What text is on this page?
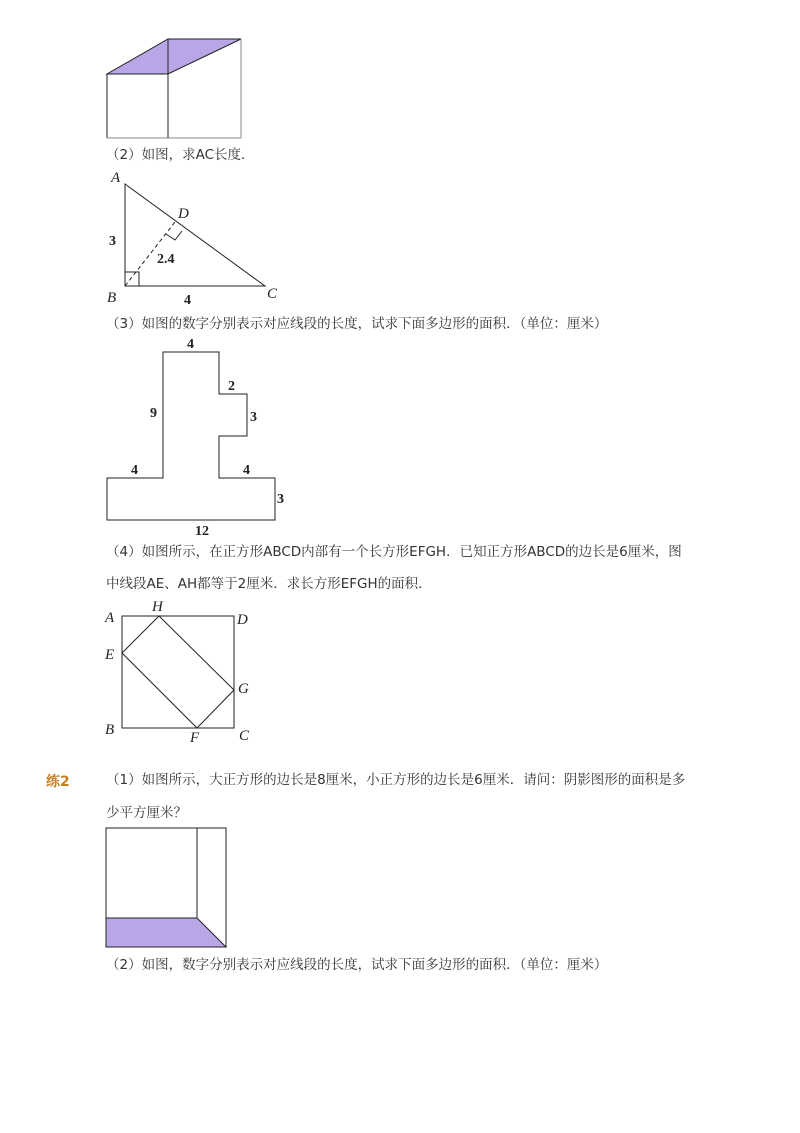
（2）如图，求AC长度．
A
B	C
D
3
4
2.4
（3）如图的数字分别表示对应线段的长度，试求下面多边形的面积．（单位：厘米）
4
2
3
9
4	4
3
12
（4）如图所示，在正方形ABCD内部有一个长方形EFGH．已知正方形ABCD的边长是6厘米，图
中线段AE、AH都等于2厘米．求长方形EFGH的面积．
A
B	C
D
E
F
G
H
练2	（1）如图所示，大正方形的边长是8厘米，小正方形的边长是6厘米．请问：阴影图形的面积是多
少平方厘米？
（2）如图，数字分别表示对应线段的长度，试求下面多边形的面积．（单位：厘米）
